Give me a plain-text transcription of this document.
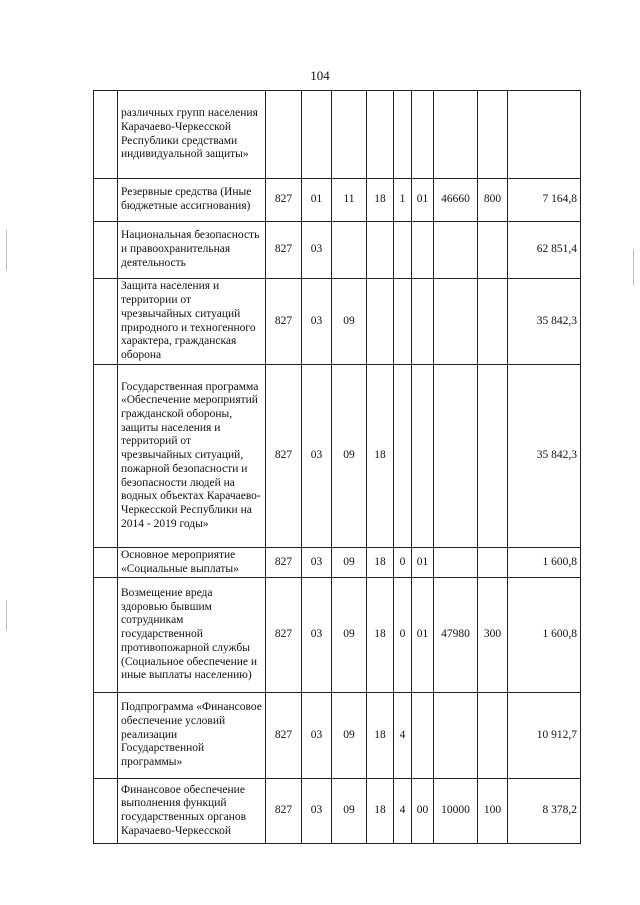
104
	различных групп населения Карачаево-Черкесской Республики средствами индивидуальной защиты»									
	Резервные средства (Иные бюджетные ассигнования)	827	01	11	18	1	01	46660	800	7 164,8
	Национальная безопасность и правоохранительная деятельность	827	03							62 851,4
	Защита населения и территории от чрезвычайных ситуаций природного и техногенного характера, гражданская оборона	827	03	09						35 842,3
	Государственная программа «Обеспечение мероприятий гражданской обороны, защиты населения и территорий от чрезвычайных ситуаций, пожарной безопасности и безопасности людей на водных объектах Карачаево-Черкесской Республики на 2014 - 2019 годы»	827	03	09	18					35 842,3
	Основное мероприятие «Социальные выплаты»	827	03	09	18	0	01			1 600,8
	Возмещение вреда здоровью бывшим сотрудникам государственной противопожарной службы (Социальное обеспечение и иные выплаты населению)	827	03	09	18	0	01	47980	300	1 600,8
	Подпрограмма «Финансовое обеспечение условий реализации Государственной программы»	827	03	09	18	4				10 912,7
	Финансовое обеспечение выполнения функций государственных органов Карачаево-Черкесской	827	03	09	18	4	00	10000	100	8 378,2
